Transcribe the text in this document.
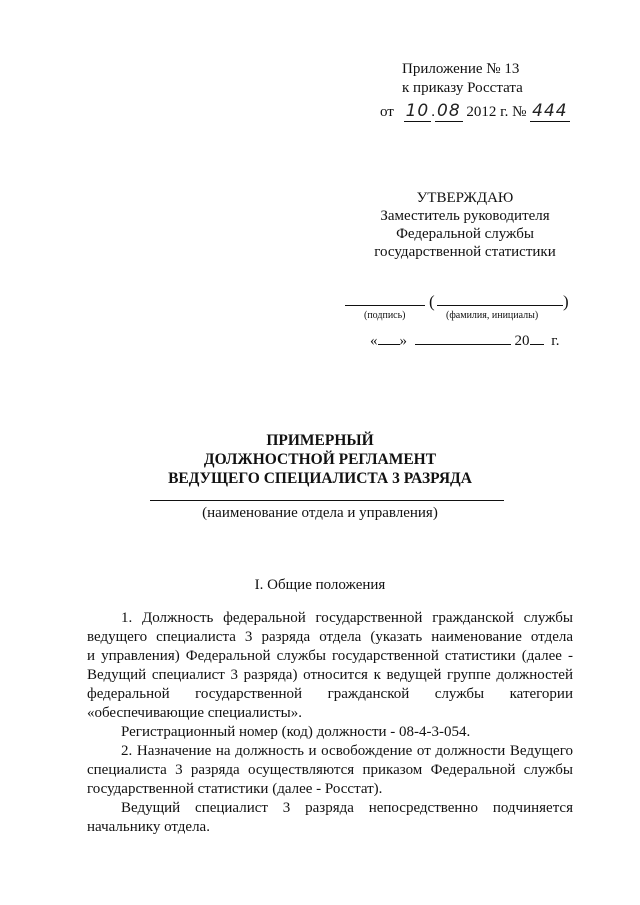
Приложение № 13
к приказу Росстата
от 10 . 08 2012 г. № 444
УТВЕРЖДАЮ
Заместитель руководителя
Федеральной службы
государственной статистики
(	)
(подпись)	(фамилия, инициалы)
« »	20 г.
ПРИМЕРНЫЙ
ДОЛЖНОСТНОЙ РЕГЛАМЕНТ
ВЕДУЩЕГО СПЕЦИАЛИСТА 3 РАЗРЯДА
(наименование отдела и управления)
I. Общие положения
1. Должность федеральной государственной гражданской службы
ведущего специалиста 3 разряда отдела (указать наименование отдела
и управления) Федеральной службы государственной статистики (далее -
Ведущий специалист 3 разряда) относится к ведущей группе должностей
федеральной государственной гражданской службы категории
«обеспечивающие специалисты».
Регистрационный номер (код) должности - 08-4-3-054.
2. Назначение на должность и освобождение от должности Ведущего
специалиста 3 разряда осуществляются приказом Федеральной службы
государственной статистики (далее - Росстат).
Ведущий специалист 3 разряда непосредственно подчиняется
начальнику отдела.
